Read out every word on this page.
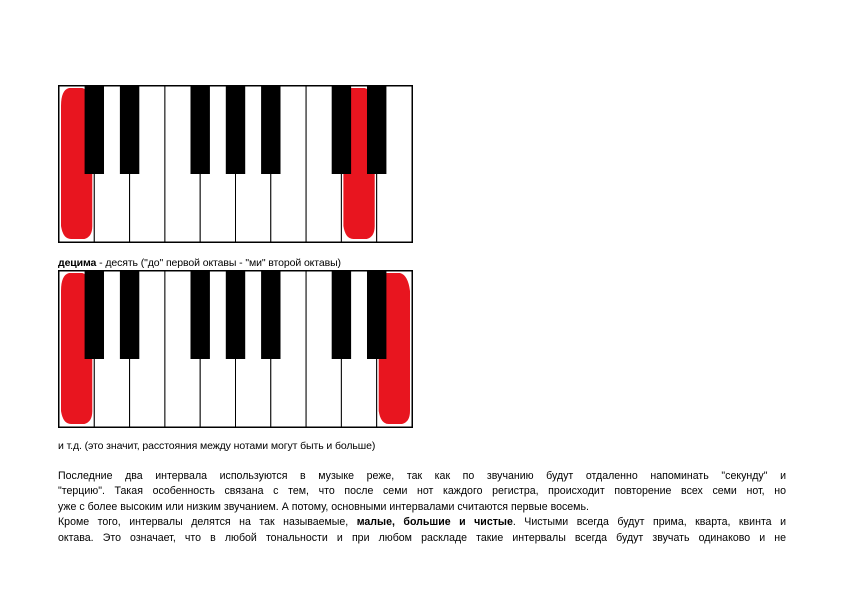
децима - десять ("до" первой октавы - "ми" второй октавы)
и т.д. (это значит, расстояния между нотами могут быть и больше)

Последние два интервала используются в музыке реже, так как по звучанию будут отдаленно напоминать "секунду" и
"терцию". Такая особенность связана с тем, что после семи нот каждого регистра, происходит повторение всех семи нот, но
уже с более высоким или низким звучанием. А потому, основными интервалами считаются первые восемь.
Кроме того, интервалы делятся на так называемые, малые, большие и чистые. Чистыми всегда будут прима, кварта, квинта и
октава. Это означает, что в любой тональности и при любом раскладе такие интервалы всегда будут звучать одинаково и не
